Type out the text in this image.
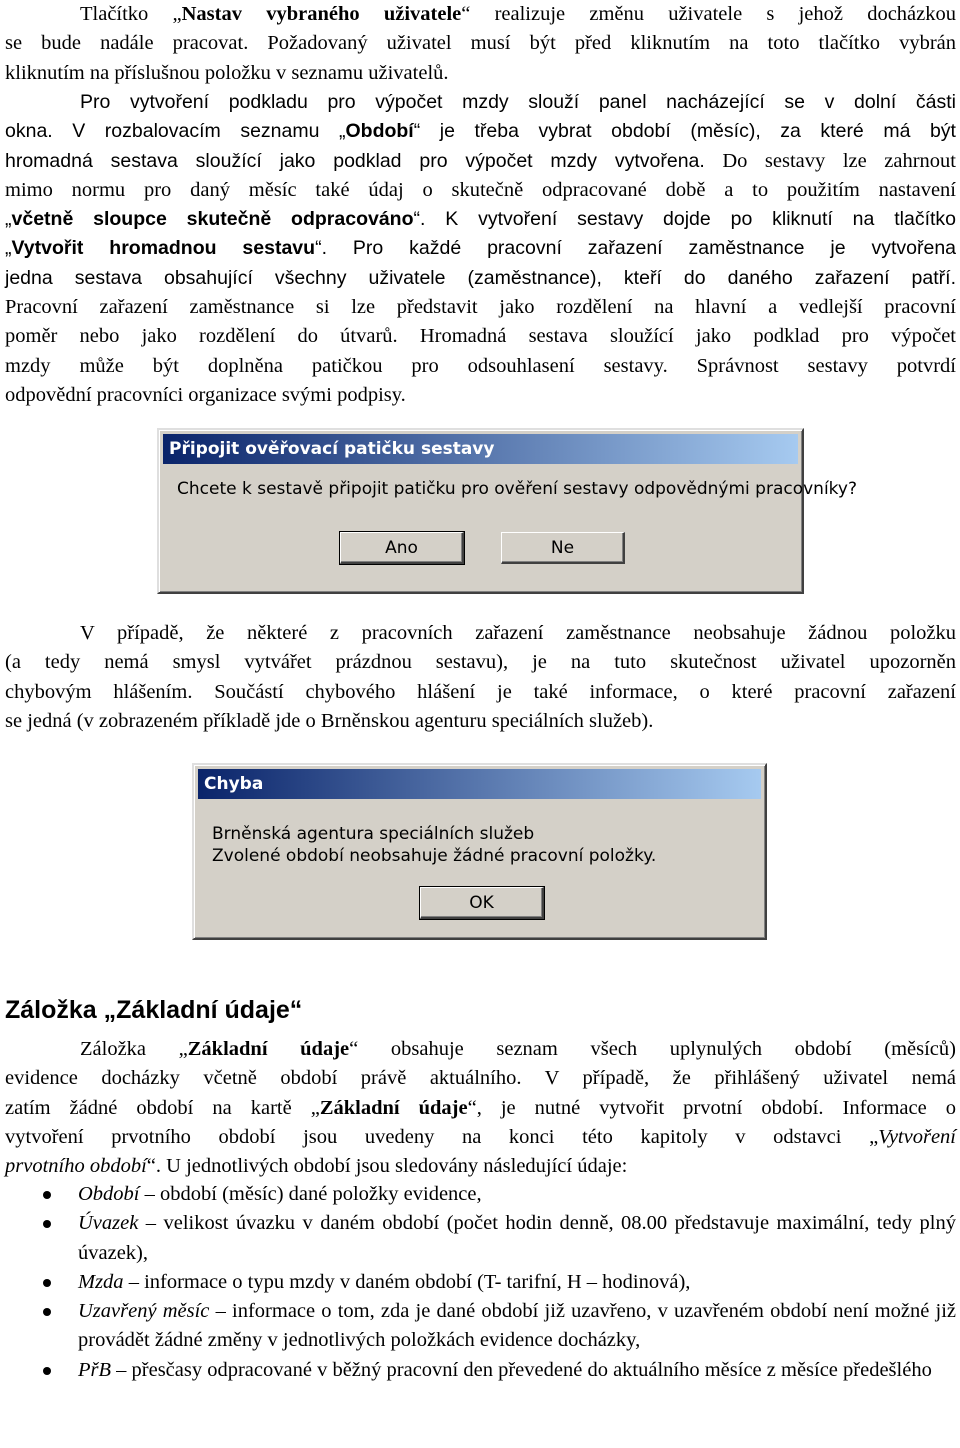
Tlačítko „Nastav vybraného uživatele“ realizuje změnu uživatele s jehož docházkou
se bude nadále pracovat. Požadovaný uživatel musí být před kliknutím na toto tlačítko vybrán
kliknutím na příslušnou položku v seznamu uživatelů.
Pro vytvoření podkladu pro výpočet mzdy slouží panel nacházející se v dolní části
okna. V rozbalovacím seznamu „Období“ je třeba vybrat období (měsíc), za které má být
hromadná sestava sloužící jako podklad pro výpočet mzdy vytvořena. Do sestavy lze zahrnout
mimo normu pro daný měsíc také údaj o skutečně odpracované době a to použitím nastavení
„včetně sloupce skutečně odpracováno“. K vytvoření sestavy dojde po kliknutí na tlačítko
„Vytvořit hromadnou sestavu“. Pro každé pracovní zařazení zaměstnance je vytvořena
jedna sestava obsahující všechny uživatele (zaměstnance), kteří do daného zařazení patří.
Pracovní zařazení zaměstnance si lze představit jako rozdělení na hlavní a vedlejší pracovní
poměr nebo jako rozdělení do útvarů. Hromadná sestava sloužící jako podklad pro výpočet
mzdy může být doplněna patičkou pro odsouhlasení sestavy. Správnost sestavy potvrdí
odpovědní pracovníci organizace svými podpisy.
Připojit ověřovací patičku sestavy
Chcete k sestavě připojit patičku pro ověření sestavy odpovědnými pracovníky?
Ano	Ne
V případě, že některé z pracovních zařazení zaměstnance neobsahuje žádnou položku
(a tedy nemá smysl vytvářet prázdnou sestavu), je na tuto skutečnost uživatel upozorněn
chybovým hlášením. Součástí chybového hlášení je také informace, o které pracovní zařazení
se jedná (v zobrazeném příkladě jde o Brněnskou agenturu speciálních služeb).
Chyba
Brněnská agentura speciálních služeb
Zvolené období neobsahuje žádné pracovní položky.
OK
Záložka „Základní údaje“
Záložka „Základní údaje“ obsahuje seznam všech uplynulých období (měsíců)
evidence docházky včetně období právě aktuálního. V případě, že přihlášený uživatel nemá
zatím žádné období na kartě „Základní údaje“, je nutné vytvořit prvotní období. Informace o
vytvoření prvotního období jsou uvedeny na konci této kapitoly v odstavci „Vytvoření
prvotního období“. U jednotlivých období jsou sledovány následující údaje:
Období – období (měsíc) dané položky evidence,
Úvazek – velikost úvazku v daném období (počet hodin denně, 08.00 představuje maximální, tedy plný úvazek),
Mzda – informace o typu mzdy v daném období (T- tarifní, H – hodinová),
Uzavřený měsíc – informace o tom, zda je dané období již uzavřeno, v uzavřeném období není možné již provádět žádné změny v jednotlivých položkách evidence docházky,
PřB – přesčasy odpracované v běžný pracovní den převedené do aktuálního měsíce z měsíce předešlého
